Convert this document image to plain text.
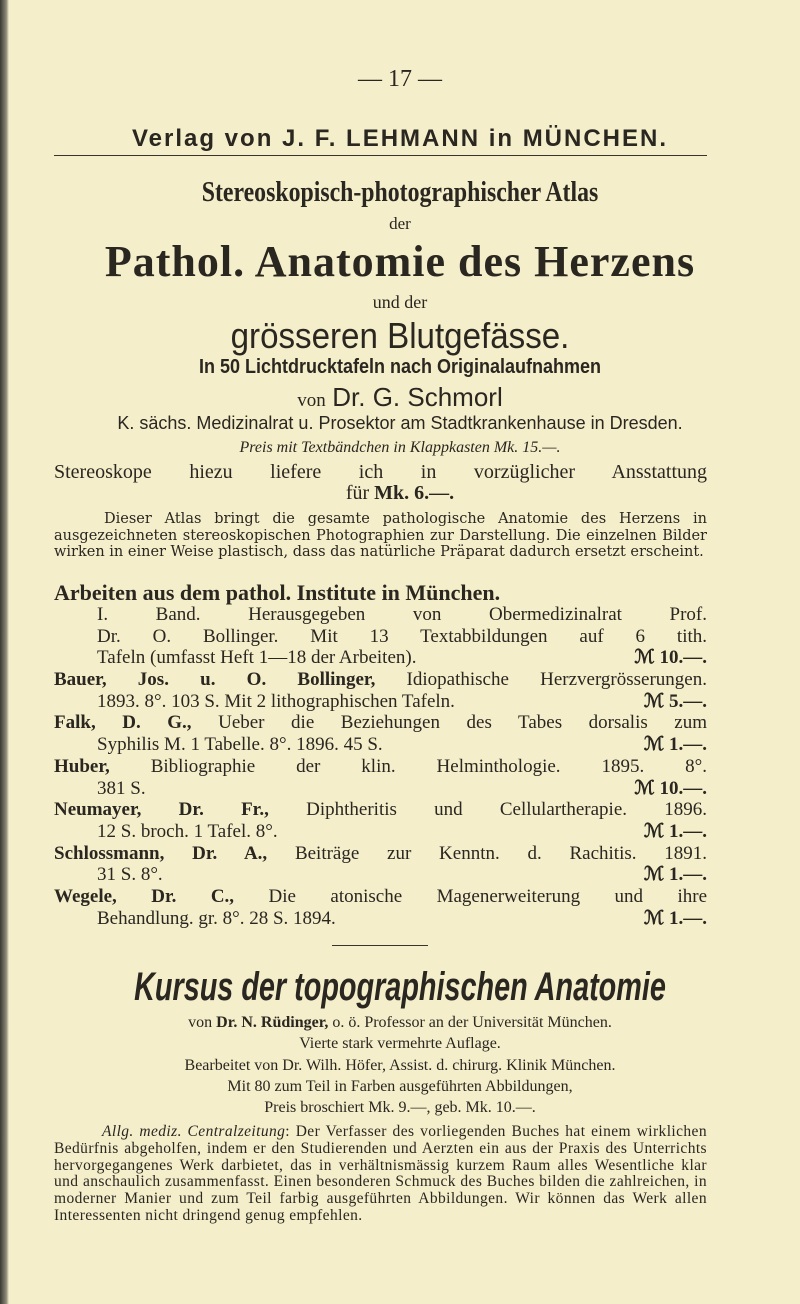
— 17 —
Verlag von J. F. LEHMANN in MÜNCHEN.
Stereoskopisch-photographischer Atlas
der
Pathol. Anatomie des Herzens
und der
grösseren Blutgefässe.
In 50 Lichtdrucktafeln nach Originalaufnahmen
von Dr. G. Schmorl
K. sächs. Medizinalrat u. Prosektor am Stadtkrankenhause in Dresden.
Preis mit Textbändchen in Klappkasten Mk. 15.—.
Stereoskope hiezu liefere ich in vorzüglicher Ansstattung
für Mk. 6.—.
Dieser Atlas bringt die gesamte pathologische Anatomie des Herzens in ausgezeichneten stereoskopischen Photographien zur Darstellung. Die einzelnen Bilder wirken in einer Weise plastisch, dass das natürliche Präparat dadurch ersetzt erscheint.
Arbeiten aus dem pathol. Institute in München.
I. Band. Herausgegeben von Obermedizinalrat Prof.
Dr. O. Bollinger. Mit 13 Textabbildungen auf 6 tith.
Tafeln (umfasst Heft 1—18 der Arbeiten).	ℳ 10.—.
Bauer, Jos. u. O. Bollinger, Idiopathische Herzvergrösserungen.
1893. 8°. 103 S. Mit 2 lithographischen Tafeln.	ℳ 5.—.
Falk, D. G., Ueber die Beziehungen des Tabes dorsalis zum
Syphilis M. 1 Tabelle. 8°. 1896. 45 S.	ℳ 1.—.
Huber, Bibliographie der klin. Helminthologie. 1895. 8°.
381 S.	ℳ 10.—.
Neumayer, Dr. Fr., Diphtheritis und Cellulartherapie. 1896.
12 S. broch. 1 Tafel. 8°.	ℳ 1.—.
Schlossmann, Dr. A., Beiträge zur Kenntn. d. Rachitis. 1891.
31 S. 8°.	ℳ 1.—.
Wegele, Dr. C., Die atonische Magenerweiterung und ihre
Behandlung. gr. 8°. 28 S. 1894.	ℳ 1.—.
Kursus der topographischen Anatomie
von Dr. N. Rüdinger, o. ö. Professor an der Universität München.
Vierte stark vermehrte Auflage.
Bearbeitet von Dr. Wilh. Höfer, Assist. d. chirurg. Klinik München.
Mit 80 zum Teil in Farben ausgeführten Abbildungen,
Preis broschiert Mk. 9.—, geb. Mk. 10.—.
Allg. mediz. Centralzeitung: Der Verfasser des vorliegenden Buches hat einem wirklichen Bedürfnis abgeholfen, indem er den Studierenden und Aerzten ein aus der Praxis des Unterrichts hervorgegangenes Werk darbietet, das in verhältnismässig kurzem Raum alles Wesentliche klar und anschaulich zusammenfasst. Einen besonderen Schmuck des Buches bilden die zahlreichen, in moderner Manier und zum Teil farbig ausgeführten Abbildungen. Wir können das Werk allen Interessenten nicht dringend genug empfehlen.
